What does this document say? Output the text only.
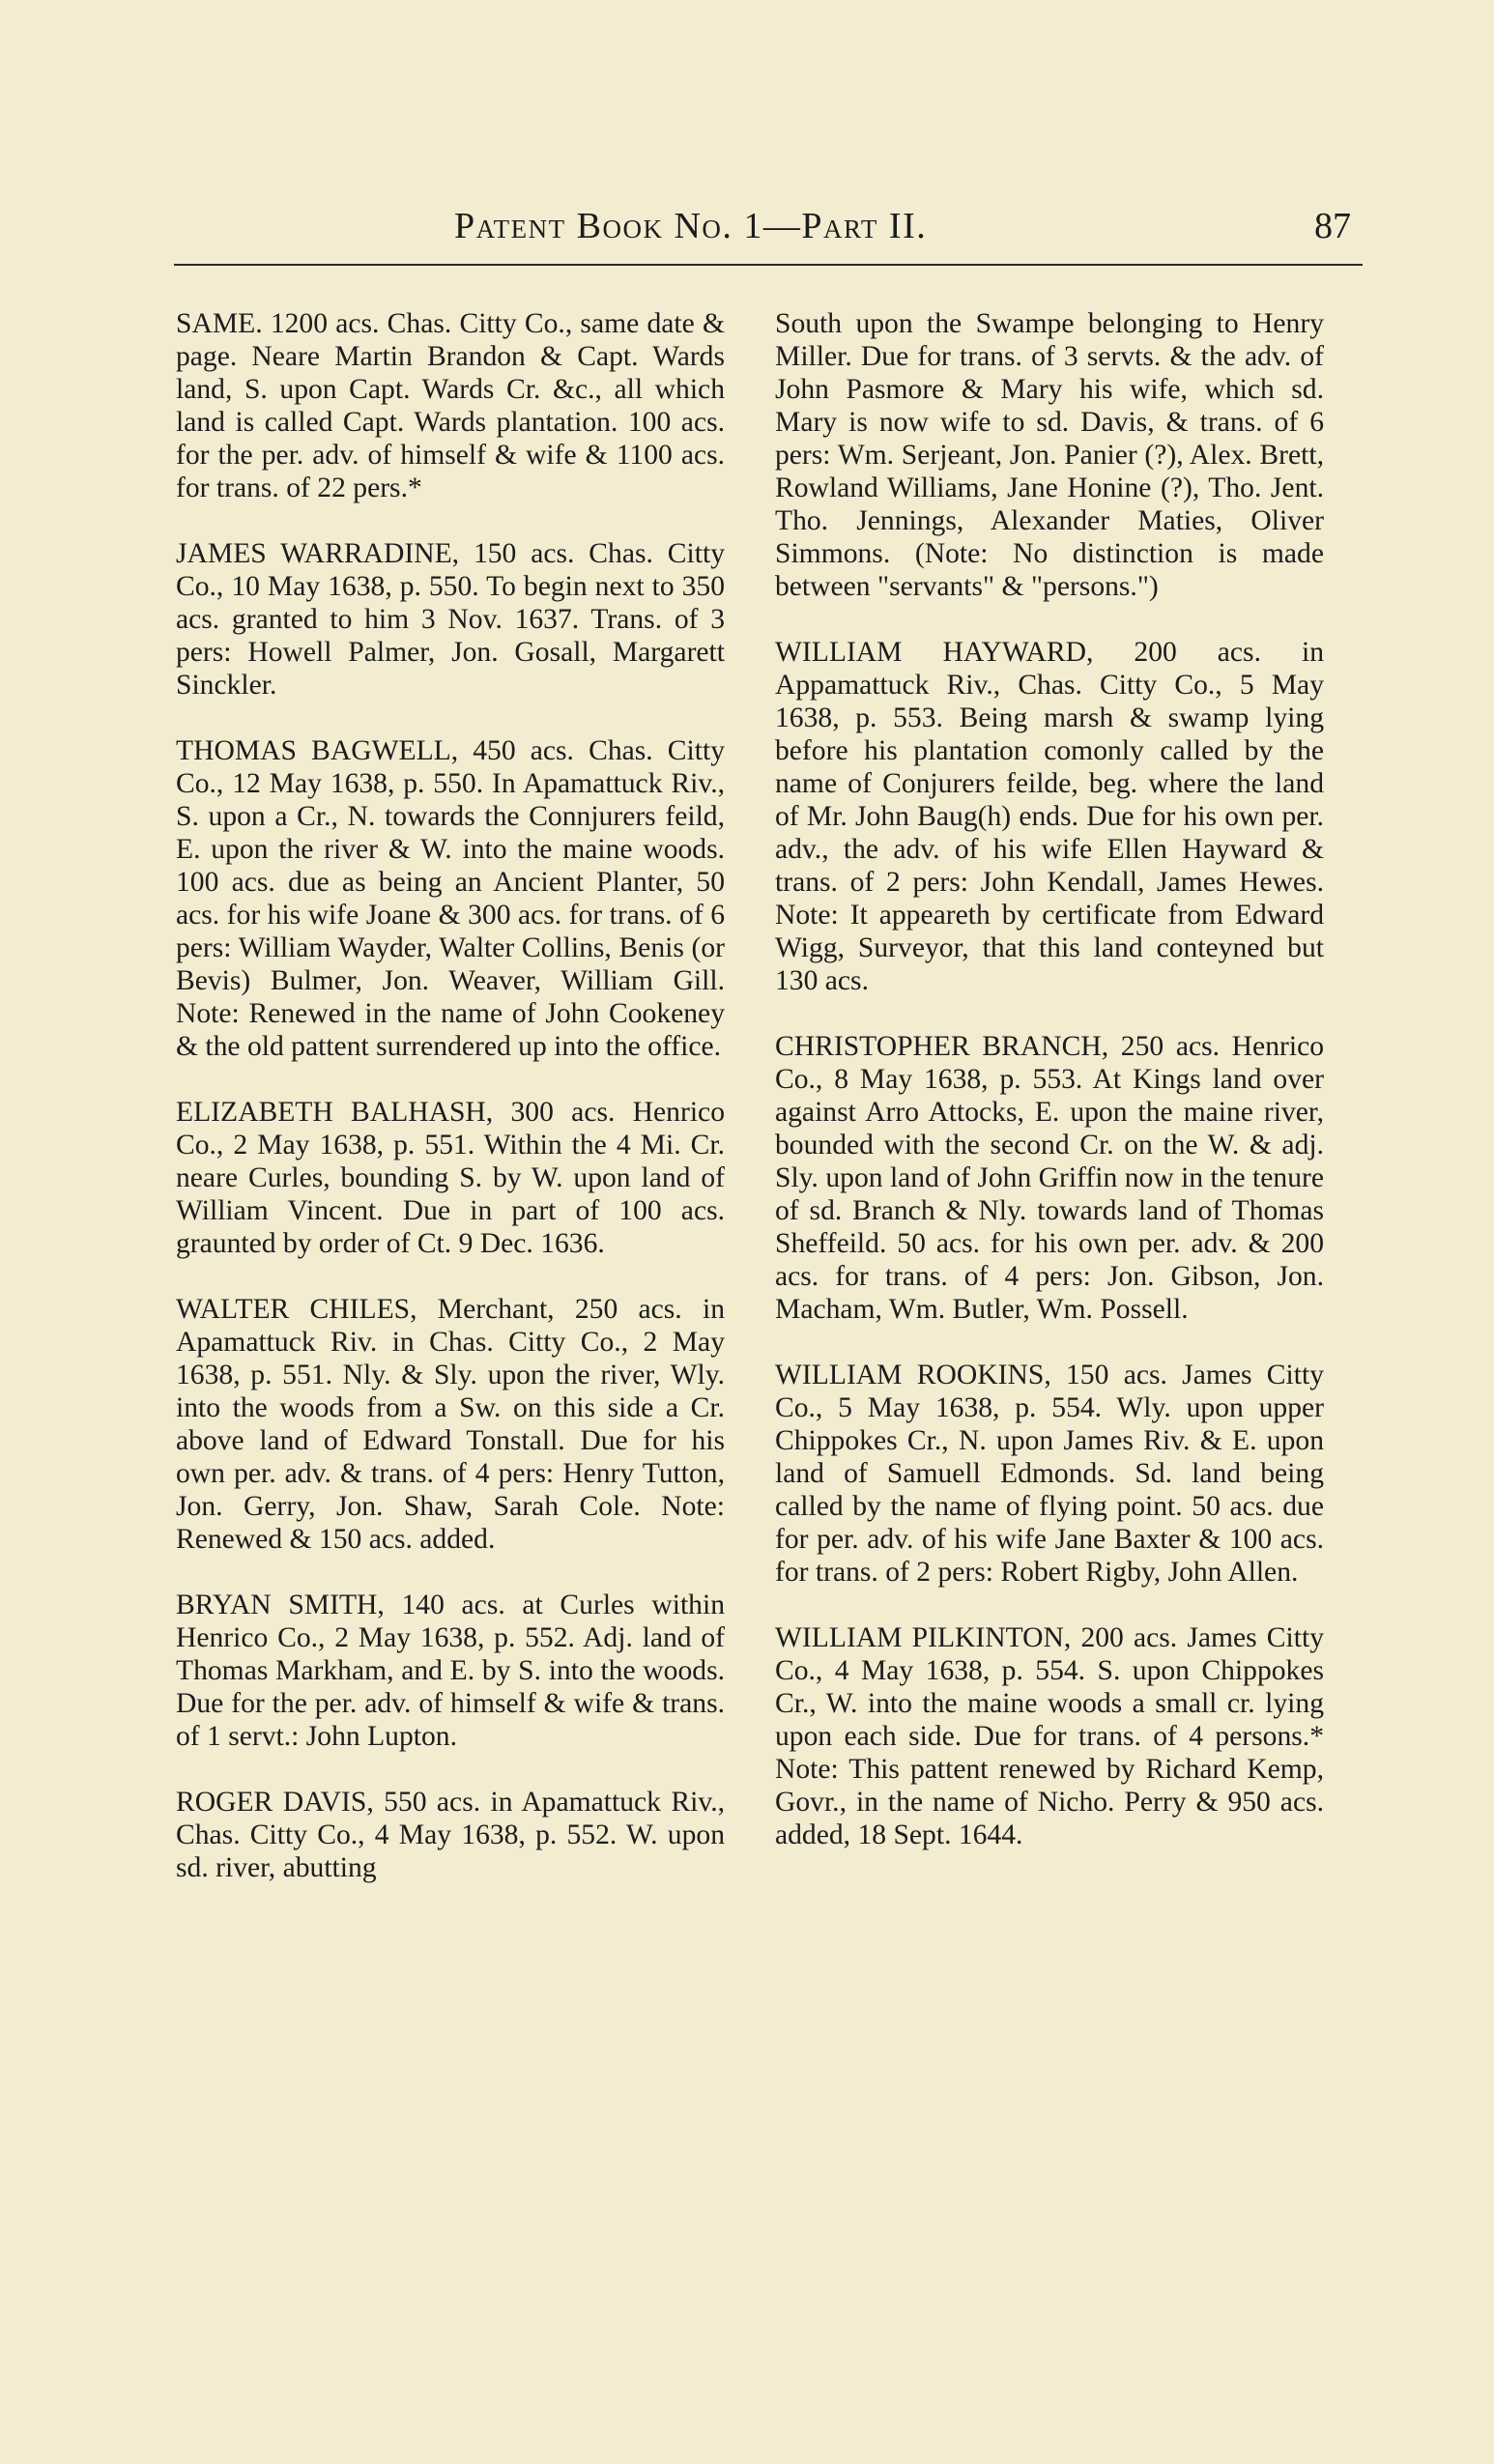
Patent Book No. 1—Part II.	87

SAME. 1200 acs. Chas. Citty Co., same date & page. Neare Martin Brandon & Capt. Wards land, S. upon Capt. Wards Cr. &c., all which land is called Capt. Wards plantation. 100 acs. for the per. adv. of himself & wife & 1100 acs. for trans. of 22 pers.*

JAMES WARRADINE, 150 acs. Chas. Citty Co., 10 May 1638, p. 550. To begin next to 350 acs. granted to him 3 Nov. 1637. Trans. of 3 pers: Howell Palmer, Jon. Gosall, Margarett Sinckler.

THOMAS BAGWELL, 450 acs. Chas. Citty Co., 12 May 1638, p. 550. In Apamattuck Riv., S. upon a Cr., N. towards the Connjurers feild, E. upon the river & W. into the maine woods. 100 acs. due as being an Ancient Planter, 50 acs. for his wife Joane & 300 acs. for trans. of 6 pers: William Wayder, Walter Collins, Benis (or Bevis) Bulmer, Jon. Weaver, William Gill. Note: Renewed in the name of John Cookeney & the old pattent surrendered up into the office.

ELIZABETH BALHASH, 300 acs. Henrico Co., 2 May 1638, p. 551. Within the 4 Mi. Cr. neare Curles, bounding S. by W. upon land of William Vincent. Due in part of 100 acs. graunted by order of Ct. 9 Dec. 1636.

WALTER CHILES, Merchant, 250 acs. in Apamattuck Riv. in Chas. Citty Co., 2 May 1638, p. 551. Nly. & Sly. upon the river, Wly. into the woods from a Sw. on this side a Cr. above land of Edward Tonstall. Due for his own per. adv. & trans. of 4 pers: Henry Tutton, Jon. Gerry, Jon. Shaw, Sarah Cole. Note: Renewed & 150 acs. added.

BRYAN SMITH, 140 acs. at Curles within Henrico Co., 2 May 1638, p. 552. Adj. land of Thomas Markham, and E. by S. into the woods. Due for the per. adv. of himself & wife & trans. of 1 servt.: John Lupton.

ROGER DAVIS, 550 acs. in Apamattuck Riv., Chas. Citty Co., 4 May 1638, p. 552. W. upon sd. river, abutting

South upon the Swampe belonging to Henry Miller. Due for trans. of 3 servts. & the adv. of John Pasmore & Mary his wife, which sd. Mary is now wife to sd. Davis, & trans. of 6 pers: Wm. Serjeant, Jon. Panier (?), Alex. Brett, Rowland Williams, Jane Honine (?), Tho. Jent. Tho. Jennings, Alexander Maties, Oliver Simmons. (Note: No distinction is made between "servants" & "persons.")

WILLIAM HAYWARD, 200 acs. in Appamattuck Riv., Chas. Citty Co., 5 May 1638, p. 553. Being marsh & swamp lying before his plantation comonly called by the name of Conjurers feilde, beg. where the land of Mr. John Baug(h) ends. Due for his own per. adv., the adv. of his wife Ellen Hayward & trans. of 2 pers: John Kendall, James Hewes. Note: It appeareth by certificate from Edward Wigg, Surveyor, that this land conteyned but 130 acs.

CHRISTOPHER BRANCH, 250 acs. Henrico Co., 8 May 1638, p. 553. At Kings land over against Arro Attocks, E. upon the maine river, bounded with the second Cr. on the W. & adj. Sly. upon land of John Griffin now in the tenure of sd. Branch & Nly. towards land of Thomas Sheffeild. 50 acs. for his own per. adv. & 200 acs. for trans. of 4 pers: Jon. Gibson, Jon. Macham, Wm. Butler, Wm. Possell.

WILLIAM ROOKINS, 150 acs. James Citty Co., 5 May 1638, p. 554. Wly. upon upper Chippokes Cr., N. upon James Riv. & E. upon land of Samuell Edmonds. Sd. land being called by the name of flying point. 50 acs. due for per. adv. of his wife Jane Baxter & 100 acs. for trans. of 2 pers: Robert Rigby, John Allen.

WILLIAM PILKINTON, 200 acs. James Citty Co., 4 May 1638, p. 554. S. upon Chippokes Cr., W. into the maine woods a small cr. lying upon each side. Due for trans. of 4 persons.* Note: This pattent renewed by Richard Kemp, Govr., in the name of Nicho. Perry & 950 acs. added, 18 Sept. 1644.
